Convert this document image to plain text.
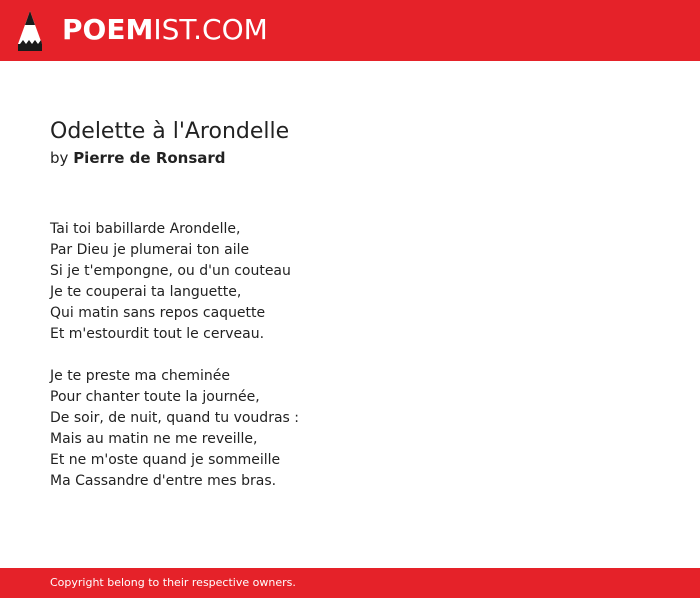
POEMIST.COM
Odelette à l'Arondelle
by Pierre de Ronsard
Tai toi babillarde Arondelle,
Par Dieu je plumerai ton aile
Si je t'empongne, ou d'un couteau
Je te couperai ta languette,
Qui matin sans repos caquette
Et m'estourdit tout le cerveau.
Je te preste ma cheminée
Pour chanter toute la journée,
De soir, de nuit, quand tu voudras :
Mais au matin ne me reveille,
Et ne m'oste quand je sommeille
Ma Cassandre d'entre mes bras.
Copyright belong to their respective owners.
